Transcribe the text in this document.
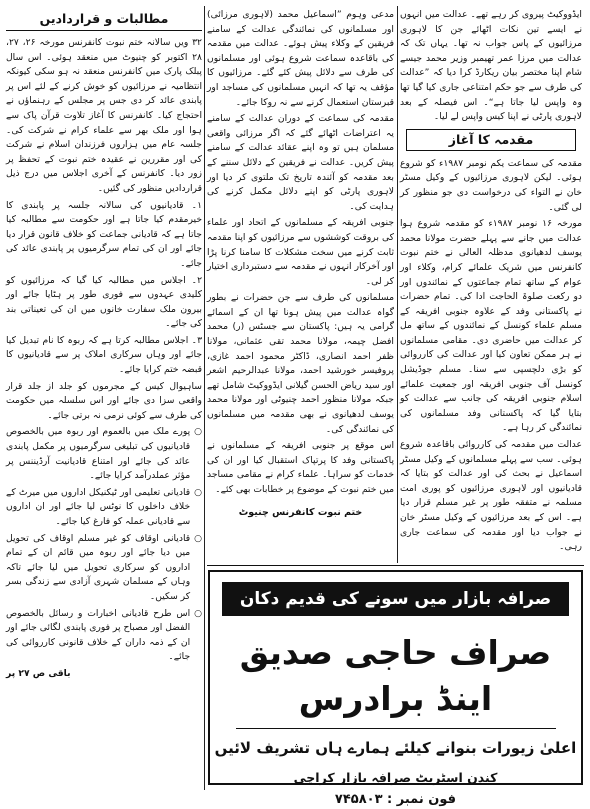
ایڈووکیٹ پیروی کر رہے تھے۔ عدالت میں انہوں نے ایسے تین نکات اٹھائے جن کا لاہوری مرزائیوں کے پاس جواب نہ تھا۔ یہاں تک کہ عدالت میں مرزا عمر تھیمبر وزیر محمد جیسے شام اپنا مختصر بیان ریکارڈ کرا دیا کہ ”عدالت کی طرف سے جو حکم امتناعی جاری کیا گیا تھا وہ واپس لیا جاتا ہے“۔ اس فیصلہ کے بعد لاہوری پارٹی نے اپنا کیس واپس لے لیا۔

مقدمہ کا آغاز

مقدمہ کی سماعت یکم نومبر ۱۹۸۷ء کو شروع ہوئی۔ لیکن لاہوری مرزائیوں کے وکیل مسٹر خان نے التواء کی درخواست دی جو منظور کر لی گئی۔

مورخہ ۱۶ نومبر ۱۹۸۷ء کو مقدمہ شروع ہوا عدالت میں جانے سے پہلے حضرت مولانا محمد یوسف لدھیانوی مدظلہ العالی نے ختم نبوت کانفرنس میں شریک علمائے کرام، وکلاء اور عوام کے ساتھ تمام جماعتوں کے نمائندوں اور دو رکعت صلوۃ الحاجت ادا کی۔ تمام حضرات نے پاکستانی وفد کے علاوہ جنوبی افریقہ کے مسلم علماء کونسل کے نمائندوں کے ساتھ مل کر عدالت میں حاضری دی۔ مقامی مسلمانوں نے ہر ممکن تعاون کیا اور عدالت کی کارروائی کو بڑی دلچسپی سے سنا۔ مسلم جوڈیشل کونسل آف جنوبی افریقہ اور جمعیت علمائے اسلام جنوبی افریقہ کی جانب سے عدالت کو بتایا گیا کہ پاکستانی وفد مسلمانوں کی نمائندگی کر رہا ہے۔

عدالت میں مقدمہ کی کارروائی باقاعدہ شروع ہوئی۔ سب سے پہلے مسلمانوں کے وکیل مسٹر اسماعیل نے بحث کی اور عدالت کو بتایا کہ قادیانیوں اور لاہوری مرزائیوں کو پوری امت مسلمہ نے متفقہ طور پر غیر مسلم قرار دیا ہے۔ اس کے بعد مرزائیوں کے وکیل مسٹر خان نے جواب دیا اور مقدمہ کی سماعت جاری رہی۔

مدعی وہوم ”اسماعیل محمد (لاہوری مرزائی) اور مسلمانوں کی نمائندگی عدالت کے سامنے فریقین کے وکلاء پیش ہوئے۔ عدالت میں مقدمہ کی باقاعدہ سماعت شروع ہوئی اور مسلمانوں کی طرف سے دلائل پیش کئے گئے۔ مرزائیوں کا مؤقف یہ تھا کہ انہیں مسلمانوں کی مساجد اور قبرستان استعمال کرنے سے نہ روکا جائے۔

مقدمہ کی سماعت کے دوران عدالت کے سامنے یہ اعتراضات اٹھائے گئے کہ اگر مرزائی واقعی مسلمان ہیں تو وہ اپنے عقائد عدالت کے سامنے پیش کریں۔ عدالت نے فریقین کے دلائل سننے کے بعد مقدمہ کو آئندہ تاریخ تک ملتوی کر دیا اور لاہوری پارٹی کو اپنے دلائل مکمل کرنے کی ہدایت کی۔

جنوبی افریقہ کے مسلمانوں کے اتحاد اور علماء کی بروقت کوششوں سے مرزائیوں کو اپنا مقدمہ ثابت کرنے میں سخت مشکلات کا سامنا کرنا پڑا اور آخرکار انہوں نے مقدمہ سے دستبرداری اختیار کر لی۔

مسلمانوں کی طرف سے جن حضرات نے بطور گواہ عدالت میں پیش ہونا تھا ان کے اسمائے گرامی یہ ہیں: پاکستان سے جسٹس (ر) محمد افضل چیمہ، مولانا محمد تقی عثمانی، مولانا ظفر احمد انصاری، ڈاکٹر محمود احمد غازی، پروفیسر خورشید احمد، مولانا عبدالرحیم اشعر اور سید ریاض الحسن گیلانی ایڈووکیٹ شامل تھے جبکہ مولانا منظور احمد چنیوٹی اور مولانا محمد یوسف لدھیانوی نے بھی مقدمہ میں مسلمانوں کی نمائندگی کی۔

اس موقع پر جنوبی افریقہ کے مسلمانوں نے پاکستانی وفد کا پرتپاک استقبال کیا اور ان کی خدمات کو سراہا۔ علماء کرام نے مقامی مساجد میں ختم نبوت کے موضوع پر خطابات بھی کئے۔

ختم نبوت کانفرنس چنیوٹ
مطالبات و قراردادیں

۳۲ ویں سالانہ ختم نبوت کانفرنس مورخہ ۲۶، ۲۷، ۲۸ اکتوبر کو چنیوٹ میں منعقد ہوئی۔ اس سال پبلک پارک میں کانفرنس منعقد نہ ہو سکی کیونکہ انتظامیہ نے مرزائیوں کو خوش کرنے کے لئے اس پر پابندی عائد کر دی جس پر مجلس کے رہنماؤں نے احتجاج کیا۔ کانفرنس کا آغاز تلاوت قرآن پاک سے ہوا اور ملک بھر سے علماء کرام نے شرکت کی۔ جلسہ عام میں ہزاروں فرزندان اسلام نے شرکت کی اور مقررین نے عقیدہ ختم نبوت کے تحفظ پر زور دیا۔ کانفرنس کے آخری اجلاس میں درج ذیل قراردادیں منظور کی گئیں۔

۱۔ قادیانیوں کی سالانہ جلسہ پر پابندی کا خیرمقدم کیا جاتا ہے اور حکومت سے مطالبہ کیا جاتا ہے کہ قادیانی جماعت کو خلاف قانون قرار دیا جائے اور ان کی تمام سرگرمیوں پر پابندی عائد کی جائے۔

۲۔ اجلاس میں مطالبہ کیا گیا کہ مرزائیوں کو کلیدی عہدوں سے فوری طور پر ہٹایا جائے اور بیرون ملک سفارت خانوں میں ان کی تعیناتی بند کی جائے۔

۳۔ اجلاس مطالبہ کرتا ہے کہ ربوہ کا نام تبدیل کیا جائے اور وہاں سرکاری املاک پر سے قادیانیوں کا قبضہ ختم کرایا جائے۔

ساہیوال کیس کے مجرموں کو جلد از جلد قرار واقعی سزا دی جائے اور اس سلسلہ میں حکومت کی طرف سے کوئی نرمی نہ برتی جائے۔

○
پورے ملک میں بالعموم اور ربوہ میں بالخصوص قادیانیوں کی تبلیغی سرگرمیوں پر مکمل پابندی عائد کی جائے اور امتناع قادیانیت آرڈیننس پر مؤثر عملدرآمد کرایا جائے۔
○
قادیانی تعلیمی اور ٹیکنیکل اداروں میں میرٹ کے خلاف داخلوں کا نوٹس لیا جائے اور ان اداروں سے قادیانی عملہ کو فارغ کیا جائے۔
○
قادیانی اوقاف کو غیر مسلم اوقاف کی تحویل میں دیا جائے اور ربوہ میں قائم ان کے تمام اداروں کو سرکاری تحویل میں لیا جائے تاکہ وہاں کے مسلمان شہری آزادی سے زندگی بسر کر سکیں۔
○
اس طرح قادیانی اخبارات و رسائل بالخصوص الفضل اور مصباح پر فوری پابندی لگائی جائے اور ان کے ذمہ داران کے خلاف قانونی کارروائی کی جائے۔

باقی ص ۲۷ پر

صرافہ بازار میں سونے کی قدیم دکان
صراف حاجی صدیق اینڈ برادرس
اعلیٰ زیورات بنوانے کیلئے ہمارے ہاں تشریف لائیں
کندن اسٹریٹ صرافہ بازار کراچی
فون نمبر : ۷۴۵۸۰۳
